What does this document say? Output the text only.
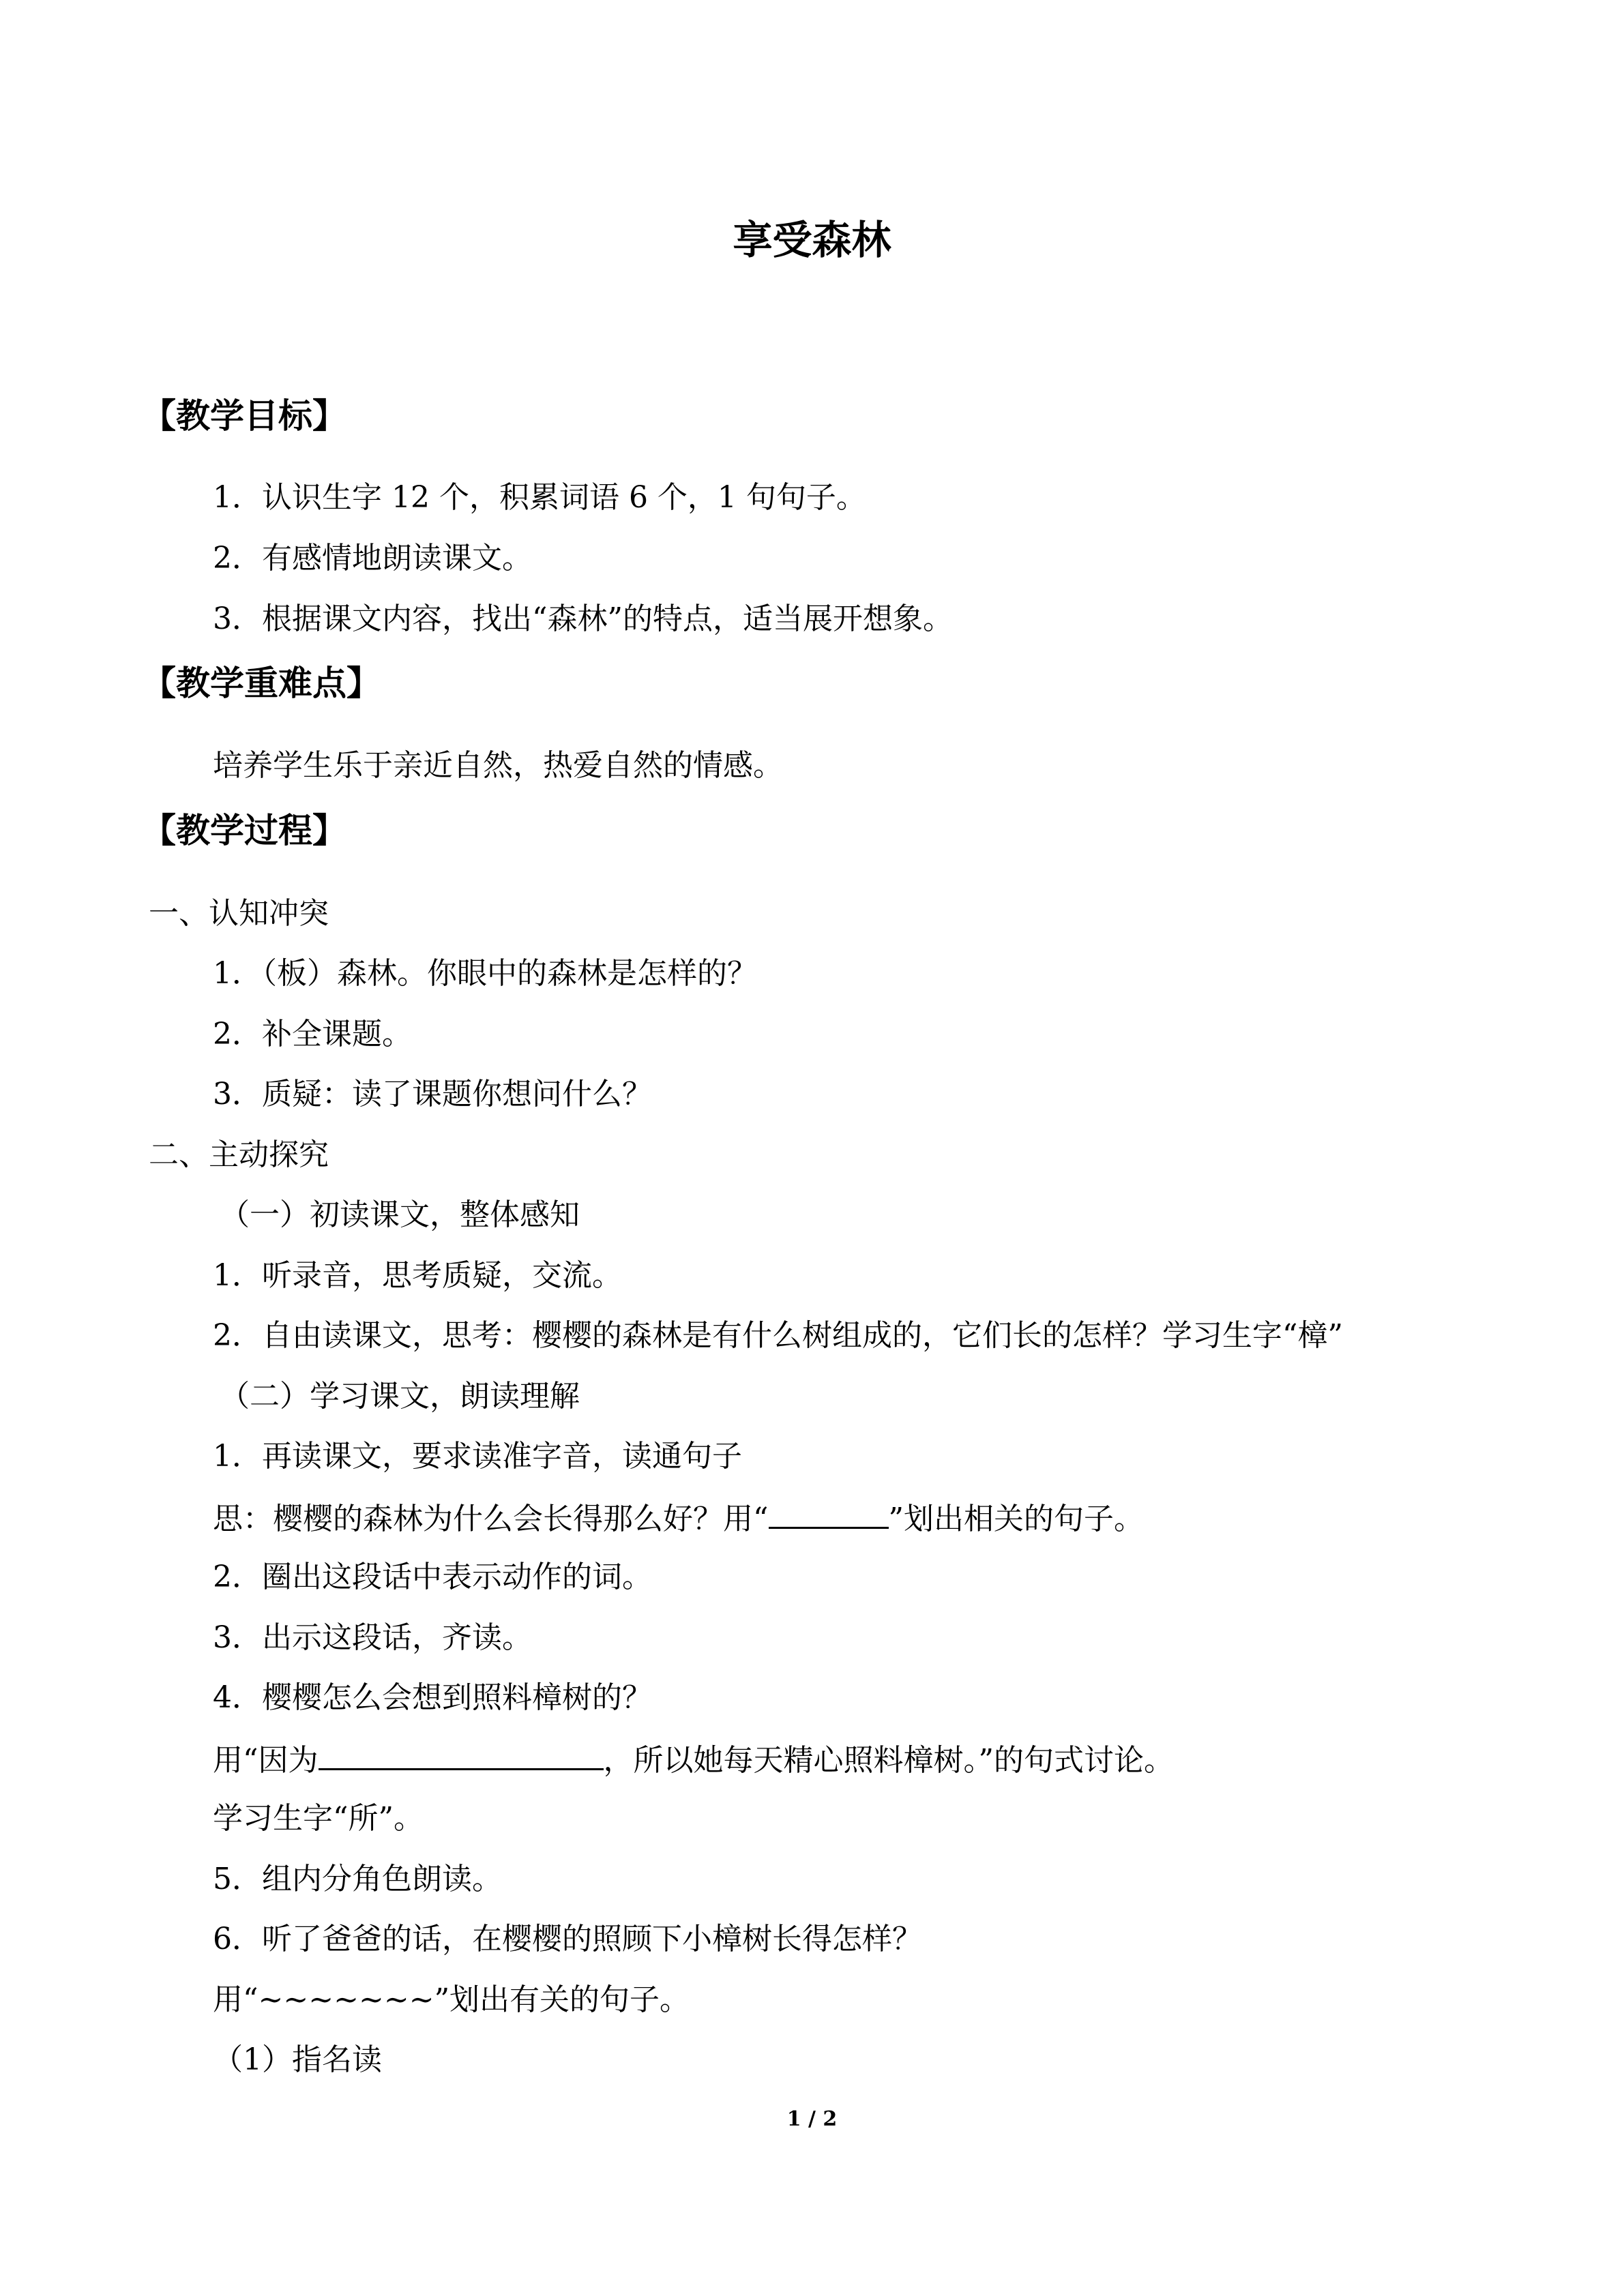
享受森林
【教学目标】

1．认识生字 12 个，积累词语 6 个，1 句句子。

2．有感情地朗读课文。

3．根据课文内容，找出“森林”的特点，适当展开想象。

【教学重难点】

培养学生乐于亲近自然，热爱自然的情感。

【教学过程】

一、认知冲突

1．（板）森林。你眼中的森林是怎样的？

2．补全课题。

3．质疑：读了课题你想问什么？

二、主动探究

（一）初读课文，整体感知

1．听录音，思考质疑，交流。

2．自由读课文，思考：樱樱的森林是有什么树组成的，它们长的怎样？学习生字“樟”

（二）学习课文，朗读理解

1．再读课文，要求读准字音，读通句子

思：樱樱的森林为什么会长得那么好？用“	”划出相关的句子。

2．圈出这段话中表示动作的词。

3．出示这段话，齐读。

4．樱樱怎么会想到照料樟树的？

用“因为	，所以她每天精心照料樟树。”的句式讨论。

学习生字“所”。

5．组内分角色朗读。

6．听了爸爸的话，在樱樱的照顾下小樟树长得怎样？

用“~~~~~~~”划出有关的句子。

（1）指名读

1 / 2
